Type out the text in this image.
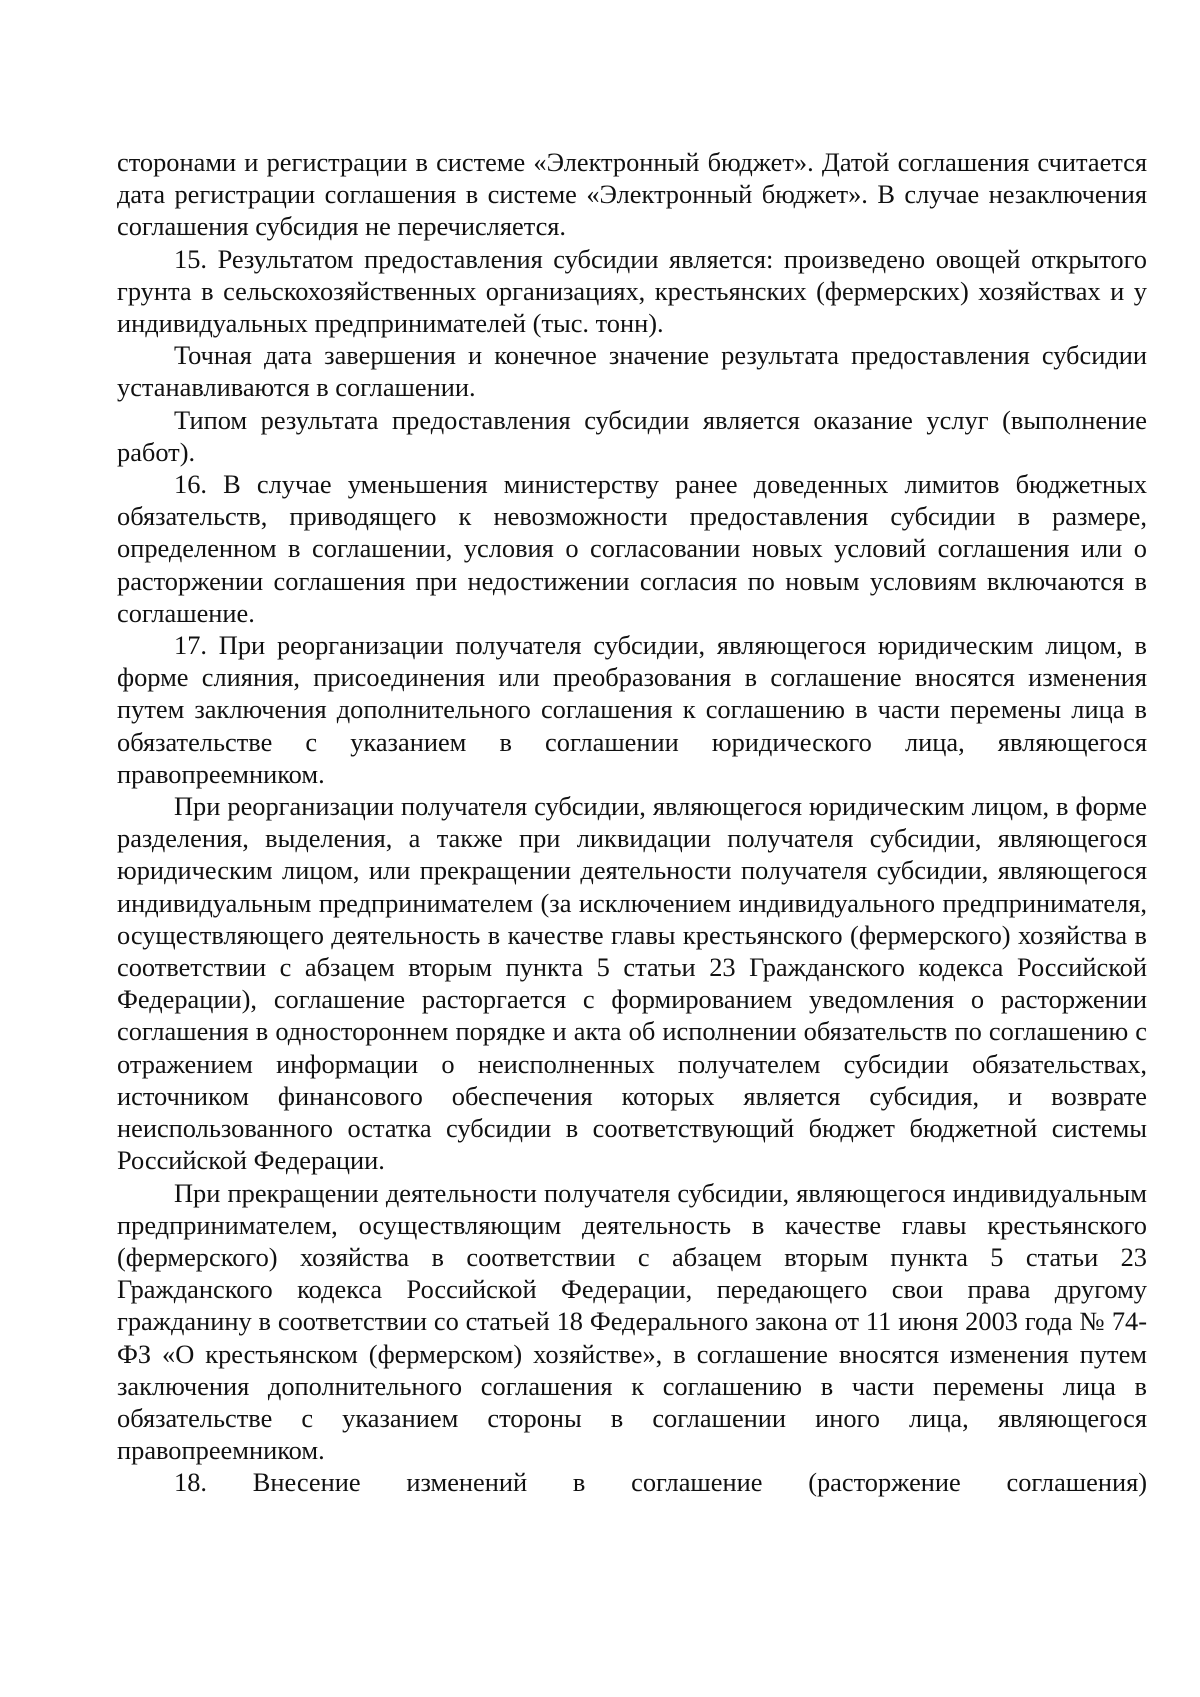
сторонами и регистрации в системе «Электронный бюджет». Датой соглашения считается дата регистрации соглашения в системе «Электронный бюджет». В случае незаключения соглашения субсидия не перечисляется.

15. Результатом предоставления субсидии является: произведено овощей открытого грунта в сельскохозяйственных организациях, крестьянских (фермерских) хозяйствах и у индивидуальных предпринимателей (тыс. тонн).

Точная дата завершения и конечное значение результата предоставления субсидии устанавливаются в соглашении.

Типом результата предоставления субсидии является оказание услуг (выполнение работ).

16. В случае уменьшения министерству ранее доведенных лимитов бюджетных обязательств, приводящего к невозможности предоставления субсидии в размере, определенном в соглашении, условия о согласовании новых условий соглашения или о расторжении соглашения при недостижении согласия по новым условиям включаются в соглашение.

17. При реорганизации получателя субсидии, являющегося юридическим лицом, в форме слияния, присоединения или преобразования в соглашение вносятся изменения путем заключения дополнительного соглашения к соглашению в части перемены лица в обязательстве с указанием в соглашении юридического лица, являющегося правопреемником.

При реорганизации получателя субсидии, являющегося юридическим лицом, в форме разделения, выделения, а также при ликвидации получателя субсидии, являющегося юридическим лицом, или прекращении деятельности получателя субсидии, являющегося индивидуальным предпринимателем (за исключением индивидуального предпринимателя, осуществляющего деятельность в качестве главы крестьянского (фермерского) хозяйства в соответствии с абзацем вторым пункта 5 статьи 23 Гражданского кодекса Российской Федерации), соглашение расторгается с формированием уведомления о расторжении соглашения в одностороннем порядке и акта об исполнении обязательств по соглашению с отражением информации о неисполненных получателем субсидии обязательствах, источником финансового обеспечения которых является субсидия, и возврате неиспользованного остатка субсидии в соответствующий бюджет бюджетной системы Российской Федерации.

При прекращении деятельности получателя субсидии, являющегося индивидуальным предпринимателем, осуществляющим деятельность в качестве главы крестьянского (фермерского) хозяйства в соответствии с абзацем вторым пункта 5 статьи 23 Гражданского кодекса Российской Федерации, передающего свои права другому гражданину в соответствии со статьей 18 Федерального закона от 11 июня 2003 года № 74-ФЗ «О крестьянском (фермерском) хозяйстве», в соглашение вносятся изменения путем заключения дополнительного соглашения к соглашению в части перемены лица в обязательстве с указанием стороны в соглашении иного лица, являющегося правопреемником.

18. Внесение изменений в соглашение (расторжение соглашения)
